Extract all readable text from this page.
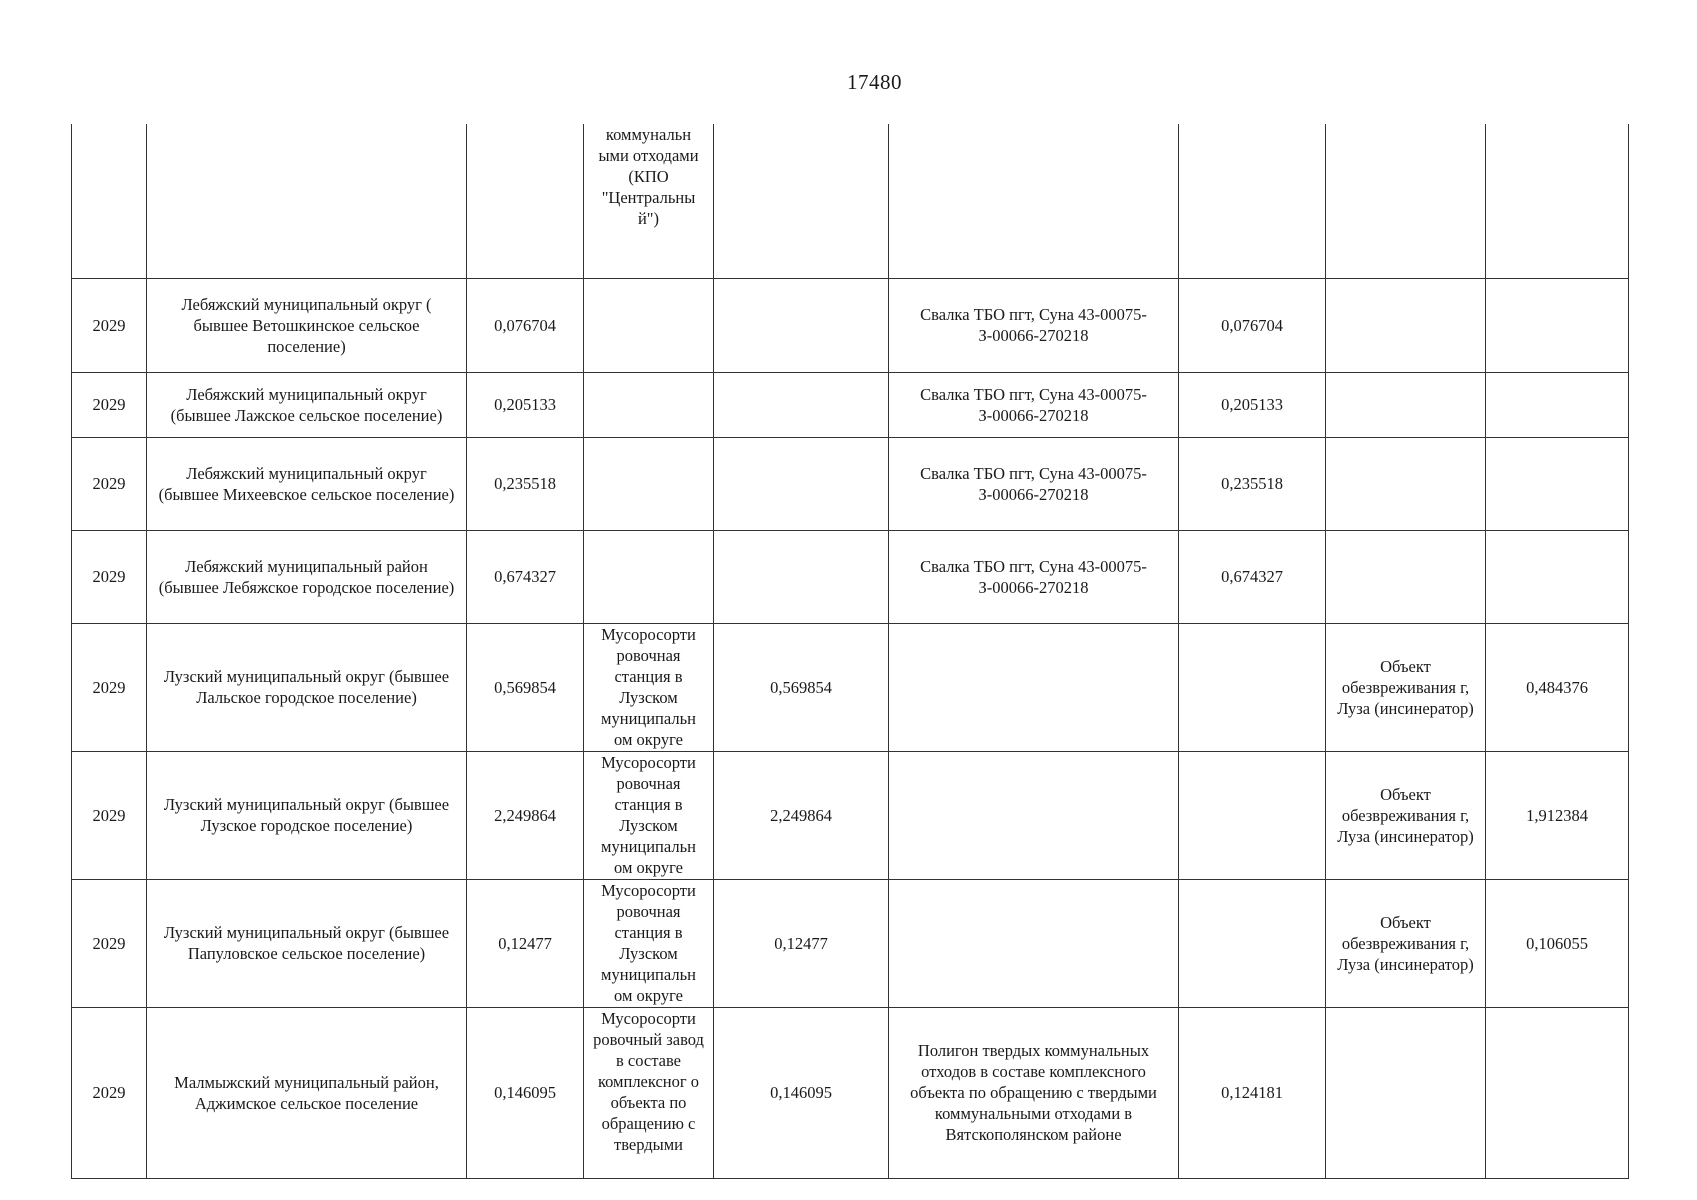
17480

			коммунальн ыми отходами (КПО "Центральны й")					

2029	Лебяжский муниципальный округ ( бывшее Ветошкинское сельское поселение)	0,076704			Свалка ТБО пгт, Суна 43-00075-З-00066-270218	0,076704		
2029	Лебяжский муниципальный округ (бывшее Лажское сельское поселение)	0,205133			Свалка ТБО пгт, Суна 43-00075-З-00066-270218	0,205133		
2029	Лебяжский муниципальный округ (бывшее Михеевское сельское поселение)	0,235518			Свалка ТБО пгт, Суна 43-00075-З-00066-270218	0,235518		
2029	Лебяжский муниципальный район (бывшее Лебяжское городское поселение)	0,674327			Свалка ТБО пгт, Суна 43-00075-З-00066-270218	0,674327		
2029	Лузский муниципальный округ (бывшее Лальское городское поселение)	0,569854	Мусоросорти ровочная станция в Лузском муниципальн ом округе	0,569854			Объект обезвреживания г, Луза (инсинератор)	0,484376
2029	Лузский муниципальный округ (бывшее Лузское городское поселение)	2,249864	Мусоросорти ровочная станция в Лузском муниципальн ом округе	2,249864			Объект обезвреживания г, Луза (инсинератор)	1,912384
2029	Лузский муниципальный округ (бывшее Папуловское сельское поселение)	0,12477	Мусоросорти ровочная станция в Лузском муниципальн ом округе	0,12477			Объект обезвреживания г, Луза (инсинератор)	0,106055
2029	Малмыжский муниципальный район, Аджимское сельское поселение	0,146095	Мусоросорти ровочный завод в составе комплексног о объекта по обращению с твердыми	0,146095	Полигон твердых коммунальных отходов в составе комплексного объекта по обращению с твердыми коммунальными отходами в Вятскополянском районе	0,124181		
